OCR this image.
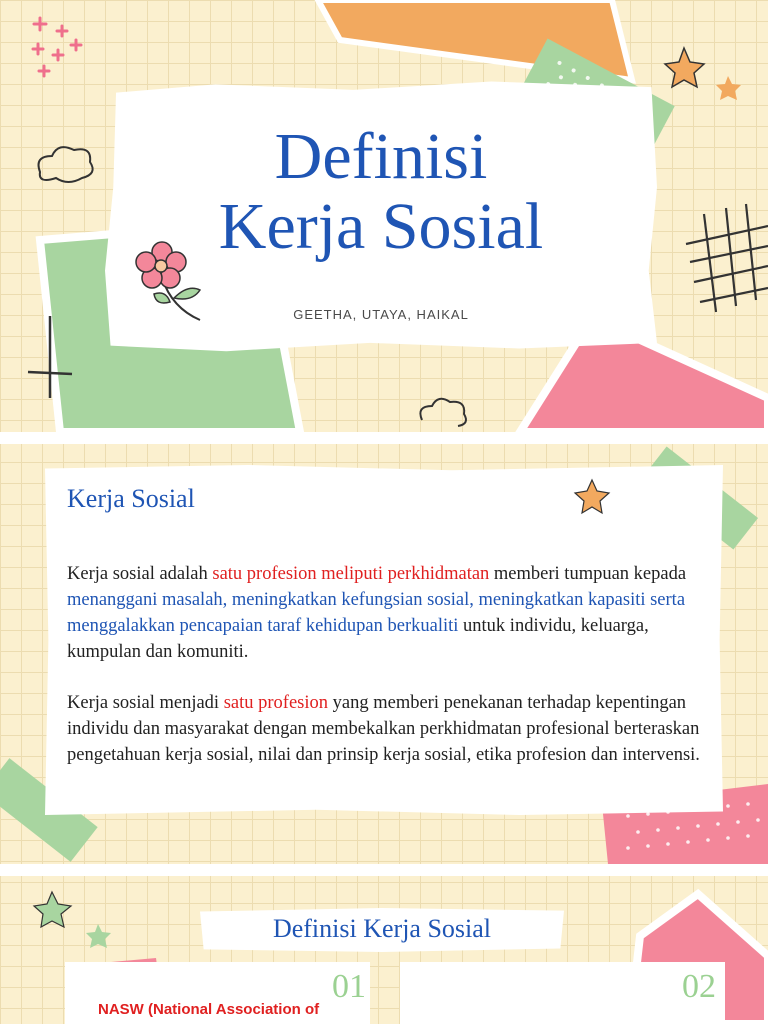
Definisi
Kerja Sosial
GEETHA, UTAYA, HAIKAL
Kerja Sosial

Kerja sosial adalah satu profesion meliputi perkhidmatan memberi tumpuan kepada menanggani masalah, meningkatkan kefungsian sosial, meningkatkan kapasiti serta menggalakkan pencapaian taraf kehidupan berkualiti untuk individu, keluarga, kumpulan dan komuniti.

Kerja sosial menjadi satu profesion yang memberi penekanan terhadap kepentingan individu dan masyarakat dengan membekalkan perkhidmatan profesional berteraskan pengetahuan kerja sosial, nilai dan prinsip kerja sosial, etika profesion dan intervensi.

Definisi Kerja Sosial
01	02
NASW (National Association of
